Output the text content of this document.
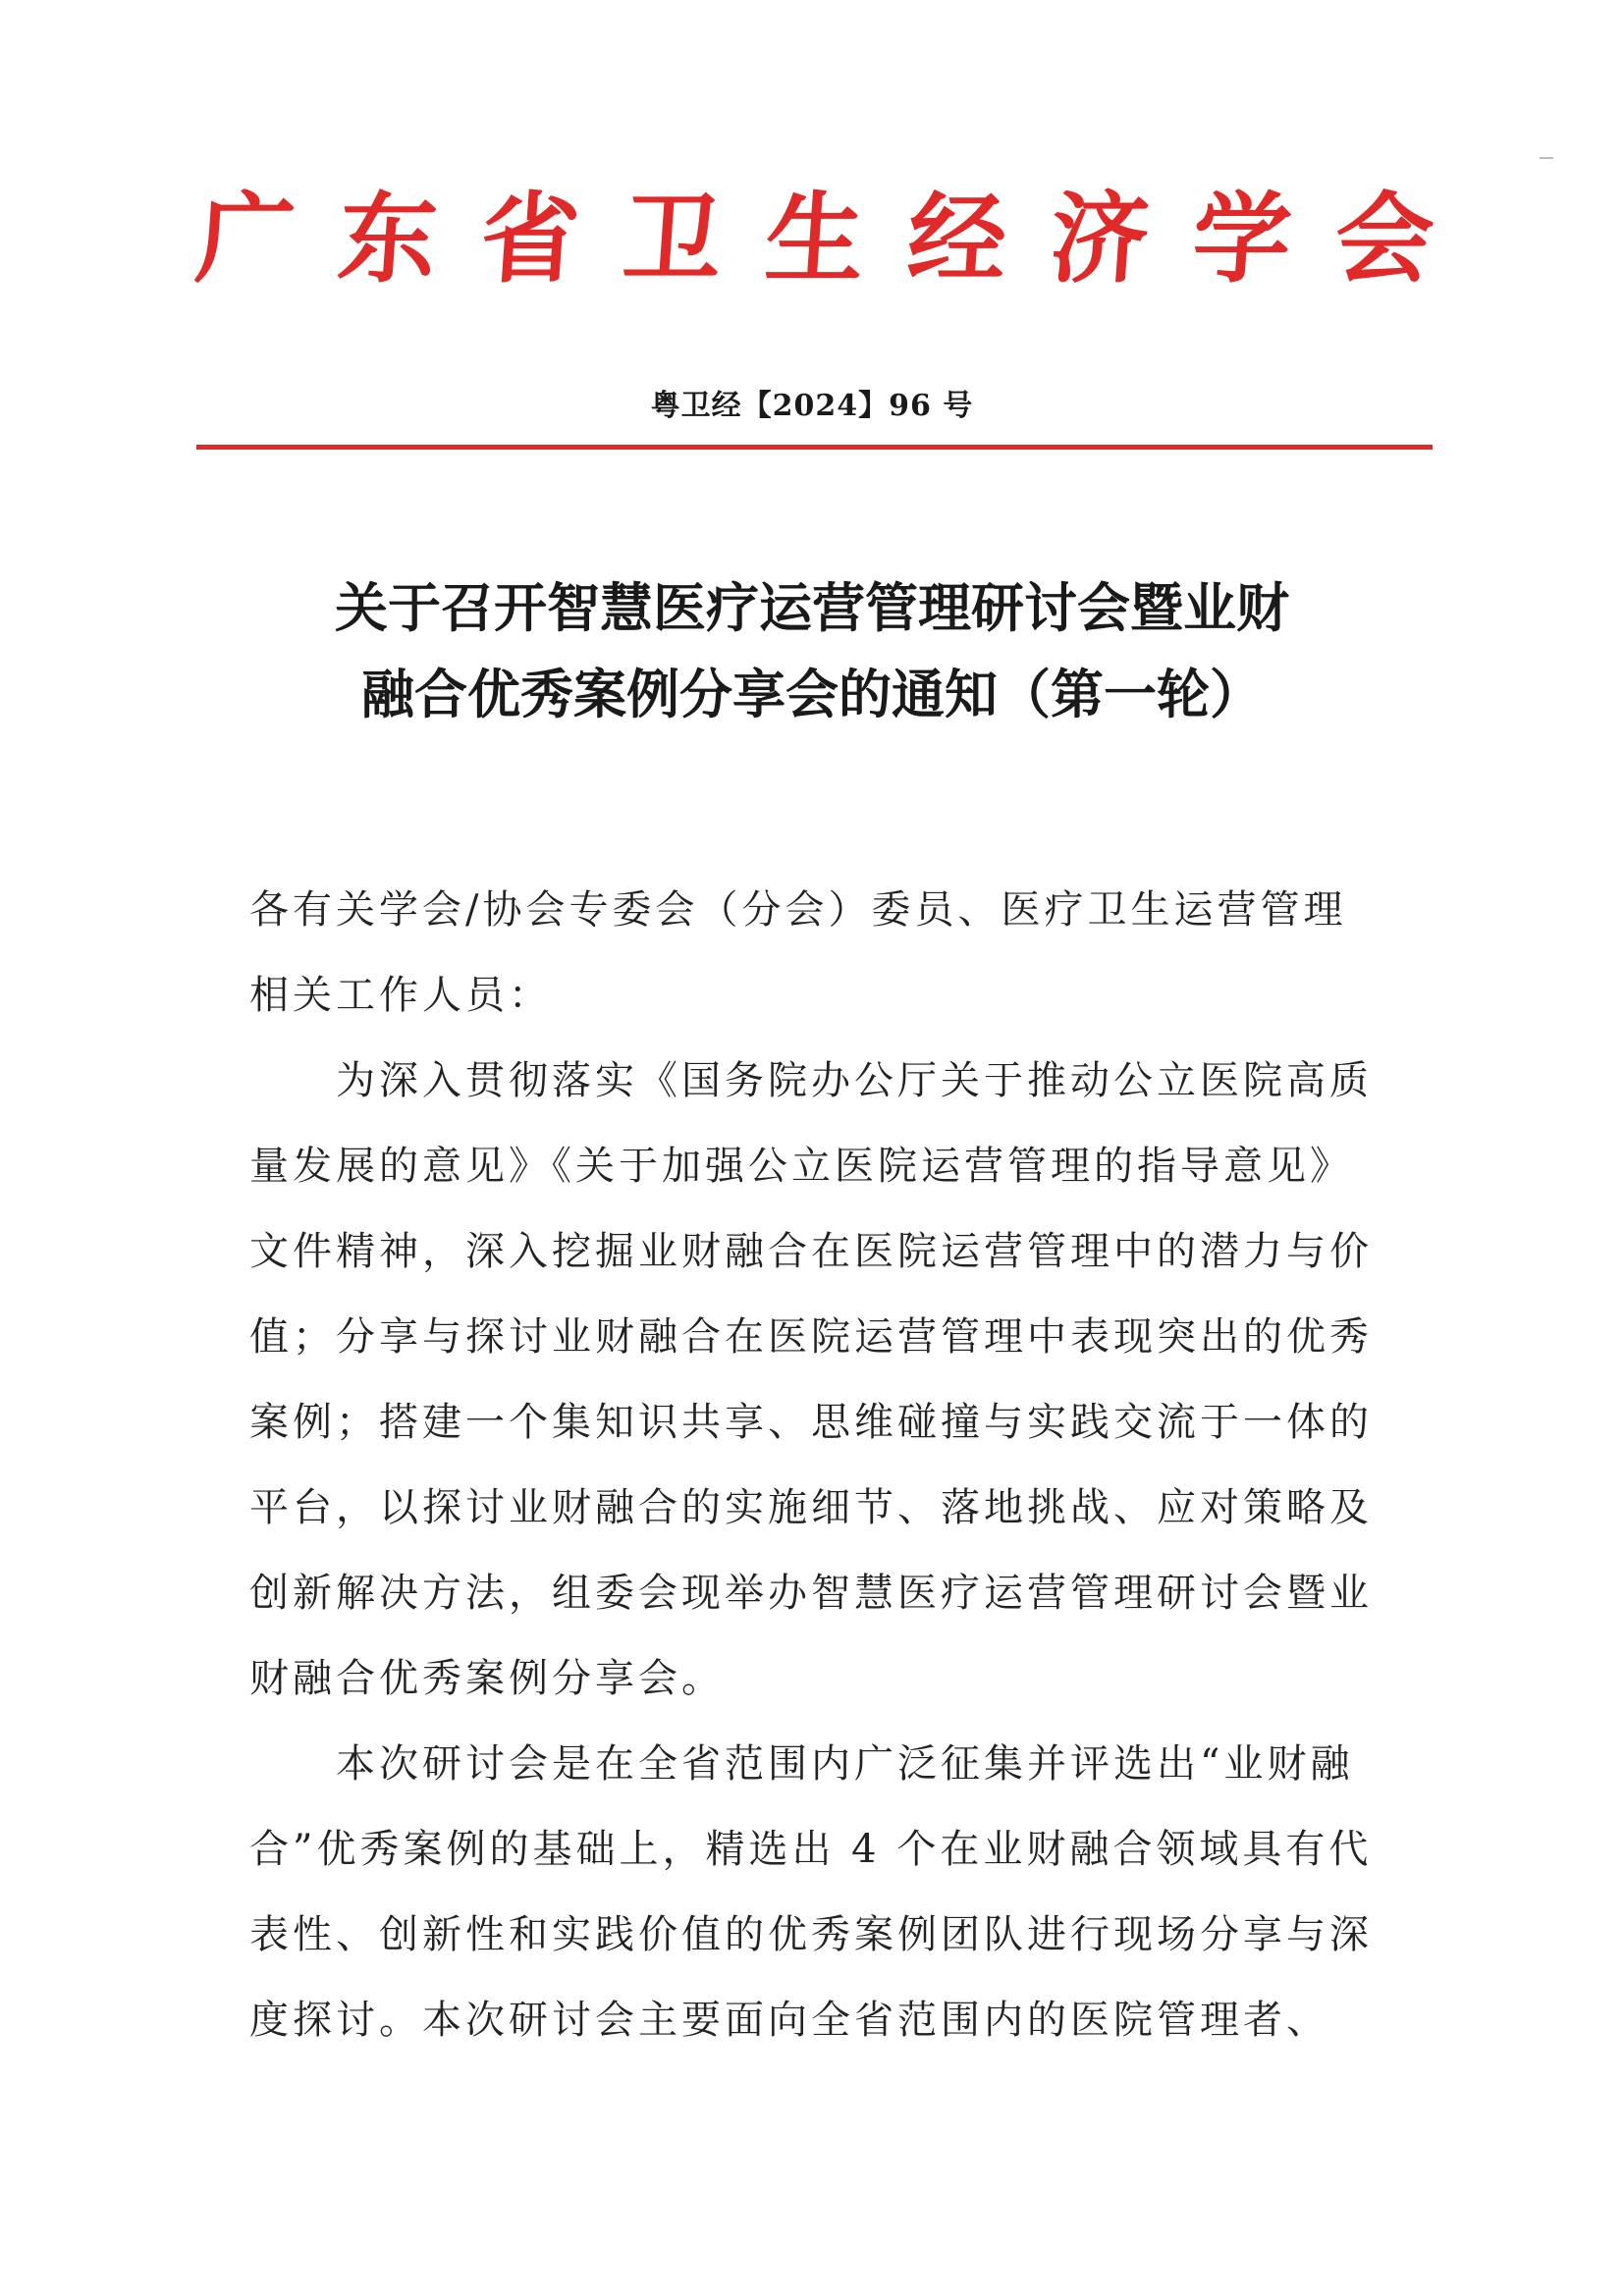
广 东 省 卫 生 经 济 学 会
粤卫经【2024】96 号
关于召开智慧医疗运营管理研讨会暨业财
融合优秀案例分享会的通知（第一轮）

各有关学会/协会专委会（分会）委员、医疗卫生运营管理相关工作人员：

为深入贯彻落实《国务院办公厅关于推动公立医院高质量发展的意见》《关于加强公立医院运营管理的指导意见》文件精神，深入挖掘业财融合在医院运营管理中的潜力与价值；分享与探讨业财融合在医院运营管理中表现突出的优秀案例；搭建一个集知识共享、思维碰撞与实践交流于一体的平台，以探讨业财融合的实施细节、落地挑战、应对策略及创新解决方法，组委会现举办智慧医疗运营管理研讨会暨业财融合优秀案例分享会。

本次研讨会是在全省范围内广泛征集并评选出“业财融合”优秀案例的基础上，精选出 4 个在业财融合领域具有代表性、创新性和实践价值的优秀案例团队进行现场分享与深度探讨。本次研讨会主要面向全省范围内的医院管理者、
